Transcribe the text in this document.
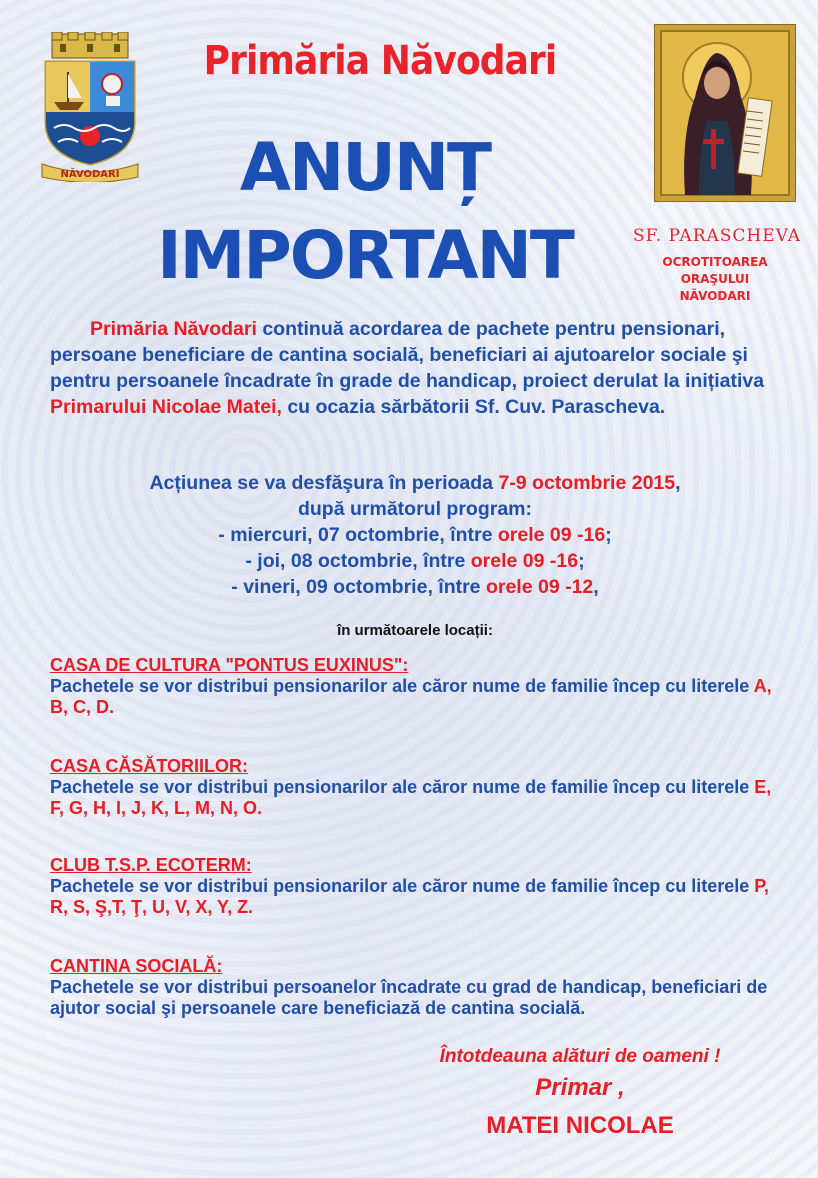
NĂVODARI
Primăria Năvodari
ANUNȚ
IMPORTANT	SF. PARASCHEVA
OCROTITOAREA
ORAŞULUI
NĂVODARI
Primăria Năvodari continuă acordarea de pachete pentru pensionari, persoane beneficiare de cantina socială, beneficiari ai ajutoarelor sociale şi pentru persoanele încadrate în grade de handicap, proiect derulat la inițiativa Primarului Nicolae Matei, cu ocazia sărbătorii Sf. Cuv. Parascheva.
Acțiunea se va desfăşura în perioada 7-9 octombrie 2015,
după următorul program:
- miercuri, 07 octombrie, între orele 09 -16;
- joi, 08 octombrie, între orele 09 -16;
- vineri, 09 octombrie, între orele 09 -12,
în următoarele locații:
CASA DE CULTURA "PONTUS EUXINUS":
Pachetele se vor distribui pensionarilor ale căror nume de familie încep cu literele A, B, C, D.
CASA CĂSĂTORIILOR:
Pachetele se vor distribui pensionarilor ale căror nume de familie încep cu literele E, F, G, H, I, J, K, L, M, N, O.
CLUB T.S.P. ECOTERM:
Pachetele se vor distribui pensionarilor ale căror nume de familie încep cu literele P, R, S, Ş,T, Ţ, U, V, X, Y, Z.
CANTINA SOCIALĂ:
Pachetele se vor distribui persoanelor încadrate cu grad de handicap, beneficiari de ajutor social şi persoanele care beneficiază de cantina socială.
Întotdeauna alături de oameni !
Primar ,
MATEI NICOLAE
